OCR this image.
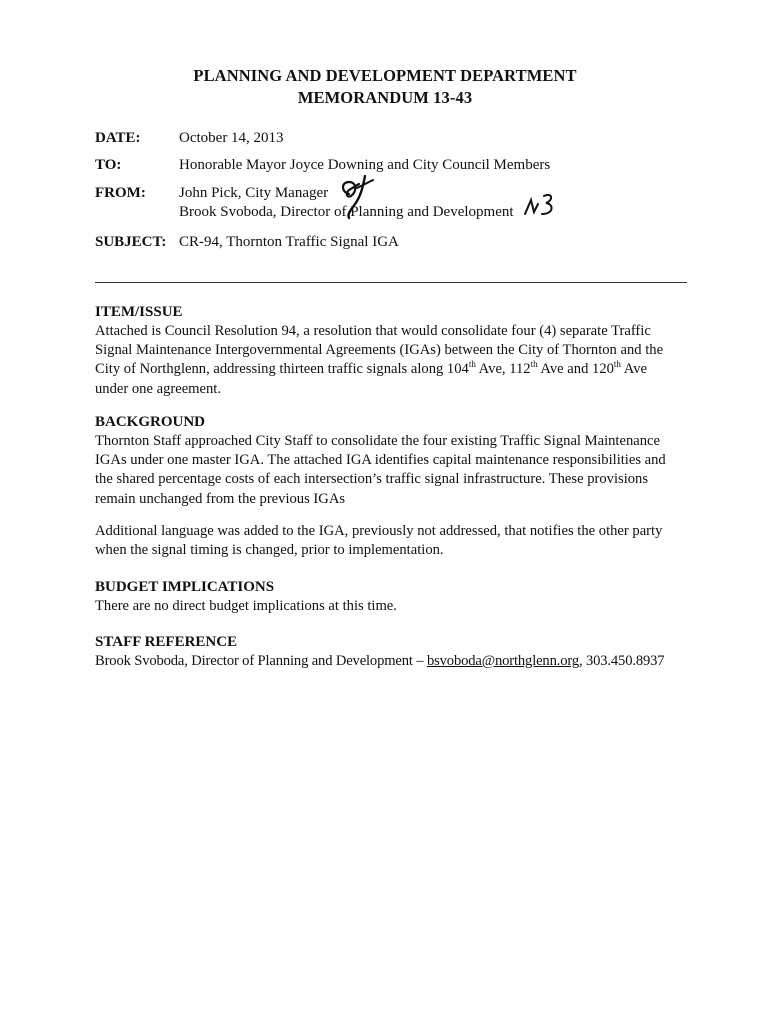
PLANNING AND DEVELOPMENT DEPARTMENT
MEMORANDUM 13-43
DATE:	October 14, 2013
TO:	Honorable Mayor Joyce Downing and City Council Members
FROM:	John Pick, City Manager
Brook Svoboda, Director of Planning and Development
SUBJECT: CR-94, Thornton Traffic Signal IGA
ITEM/ISSUE
Attached is Council Resolution 94, a resolution that would consolidate four (4) separate Traffic
Signal Maintenance Intergovernmental Agreements (IGAs) between the City of Thornton and the
City of Northglenn, addressing thirteen traffic signals along 104th Ave, 112th Ave and 120th Ave
under one agreement.
BACKGROUND
Thornton Staff approached City Staff to consolidate the four existing Traffic Signal Maintenance
IGAs under one master IGA. The attached IGA identifies capital maintenance responsibilities and
the shared percentage costs of each intersection’s traffic signal infrastructure. These provisions
remain unchanged from the previous IGAs
Additional language was added to the IGA, previously not addressed, that notifies the other party
when the signal timing is changed, prior to implementation.
BUDGET IMPLICATIONS
There are no direct budget implications at this time.
STAFF REFERENCE
Brook Svoboda, Director of Planning and Development – bsvoboda@northglenn.org, 303.450.8937
